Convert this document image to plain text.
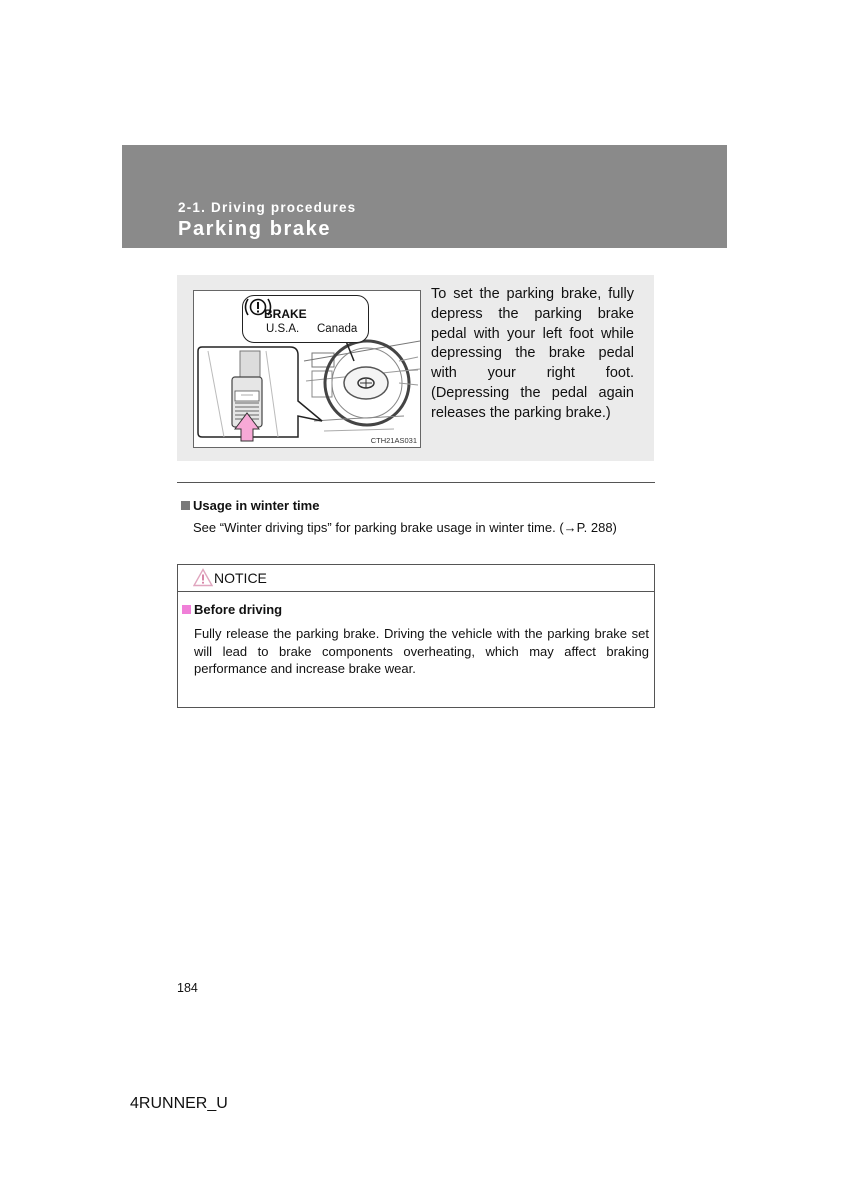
2-1. Driving procedures
Parking brake
BRAKE
U.S.A. Canada
CTH21AS031

To set the parking brake, fully depress the parking brake pedal with your left foot while depressing the brake pedal with your right foot. (Depressing the pedal again releases the parking brake.)

Usage in winter time

See “Winter driving tips” for parking brake usage in winter time. (→P. 288)

NOTICE
Before driving

Fully release the parking brake. Driving the vehicle with the parking brake set will lead to brake components overheating, which may affect braking performance and increase brake wear.

184
4RUNNER_U
